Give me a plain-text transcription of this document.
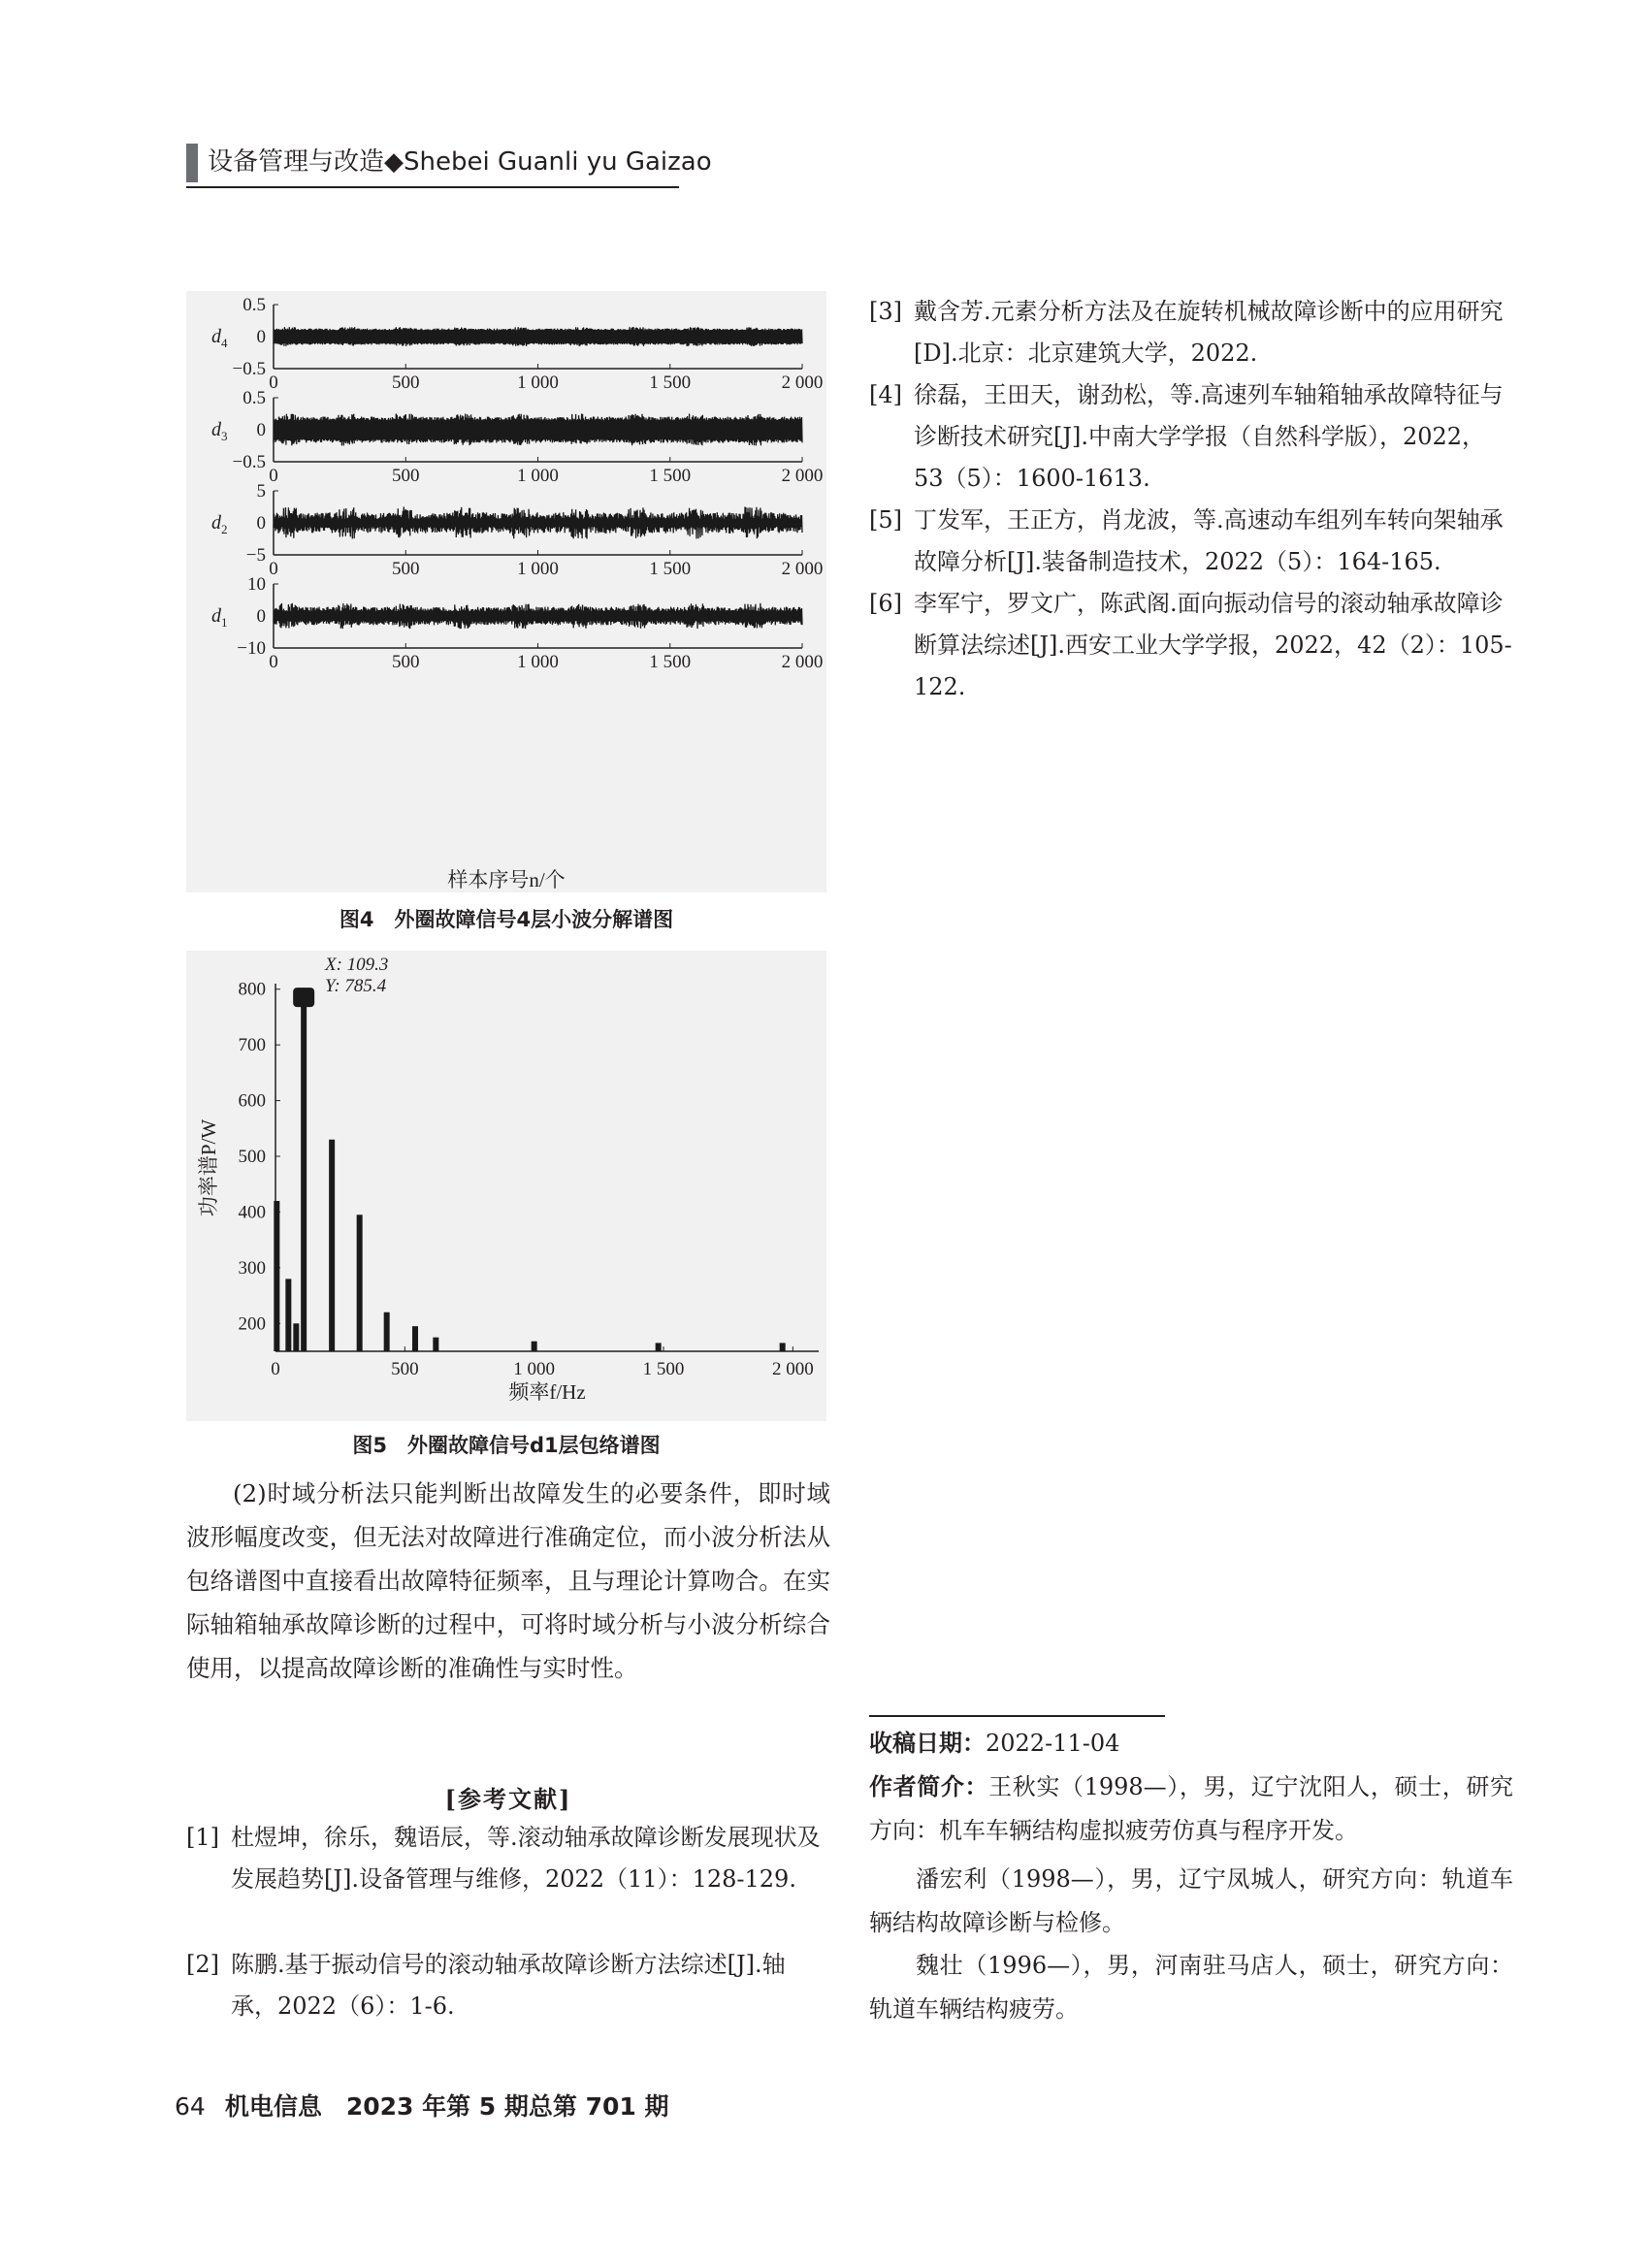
设备管理与改造◆Shebei Guanli yu Gaizao
0.5
0
−0.5
d 4
0	500	1 000	1 500	2 000
0.5
0
−0.5
d 3
0	500	1 000	1 500	2 000
5
0
−5
d 2
0	500	1 000	1 500	2 000
10
0
−10
d 1
0	500	1 000	1 500	2 000
样本序号n/个
图4　外圈故障信号4层小波分解谱图
800
700
600
500
400
300
200
0	500	1 000	1 500	2 000
X: 109.3
Y: 785.4
频率f/Hz
功率谱P/W
图5　外圈故障信号d1层包络谱图
(2)时域分析法只能判断出故障发生的必要条件，即时域波形幅度改变，但无法对故障进行准确定位，而小波分析法从包络谱图中直接看出故障特征频率，且与理论计算吻合。在实际轴箱轴承故障诊断的过程中，可将时域分析与小波分析综合使用，以提高故障诊断的准确性与实时性。
[参考文献]
[1] 杜煜坤，徐乐，魏语辰，等.滚动轴承故障诊断发展现状及发展趋势[J].设备管理与维修，2022（11）：128-129.
[2] 陈鹏.基于振动信号的滚动轴承故障诊断方法综述[J].轴承，2022（6）：1-6.
[3] 戴含芳.元素分析方法及在旋转机械故障诊断中的应用研究[D].北京：北京建筑大学，2022.
[4] 徐磊，王田天，谢劲松，等.高速列车轴箱轴承故障特征与诊断技术研究[J].中南大学学报（自然科学版），2022，53（5）：1600-1613.
[5] 丁发军，王正方，肖龙波，等.高速动车组列车转向架轴承故障分析[J].装备制造技术，2022（5）：164-165.
[6] 李军宁，罗文广，陈武阁.面向振动信号的滚动轴承故障诊断算法综述[J].西安工业大学学报，2022，42（2）：105-122.
收稿日期：2022-11-04
作者简介：王秋实（1998—），男，辽宁沈阳人，硕士，研究方向：机车车辆结构虚拟疲劳仿真与程序开发。
潘宏利（1998—），男，辽宁凤城人，研究方向：轨道车辆结构故障诊断与检修。
魏壮（1996—），男，河南驻马店人，硕士，研究方向：轨道车辆结构疲劳。
64 机电信息　2023 年第 5 期总第 701 期
